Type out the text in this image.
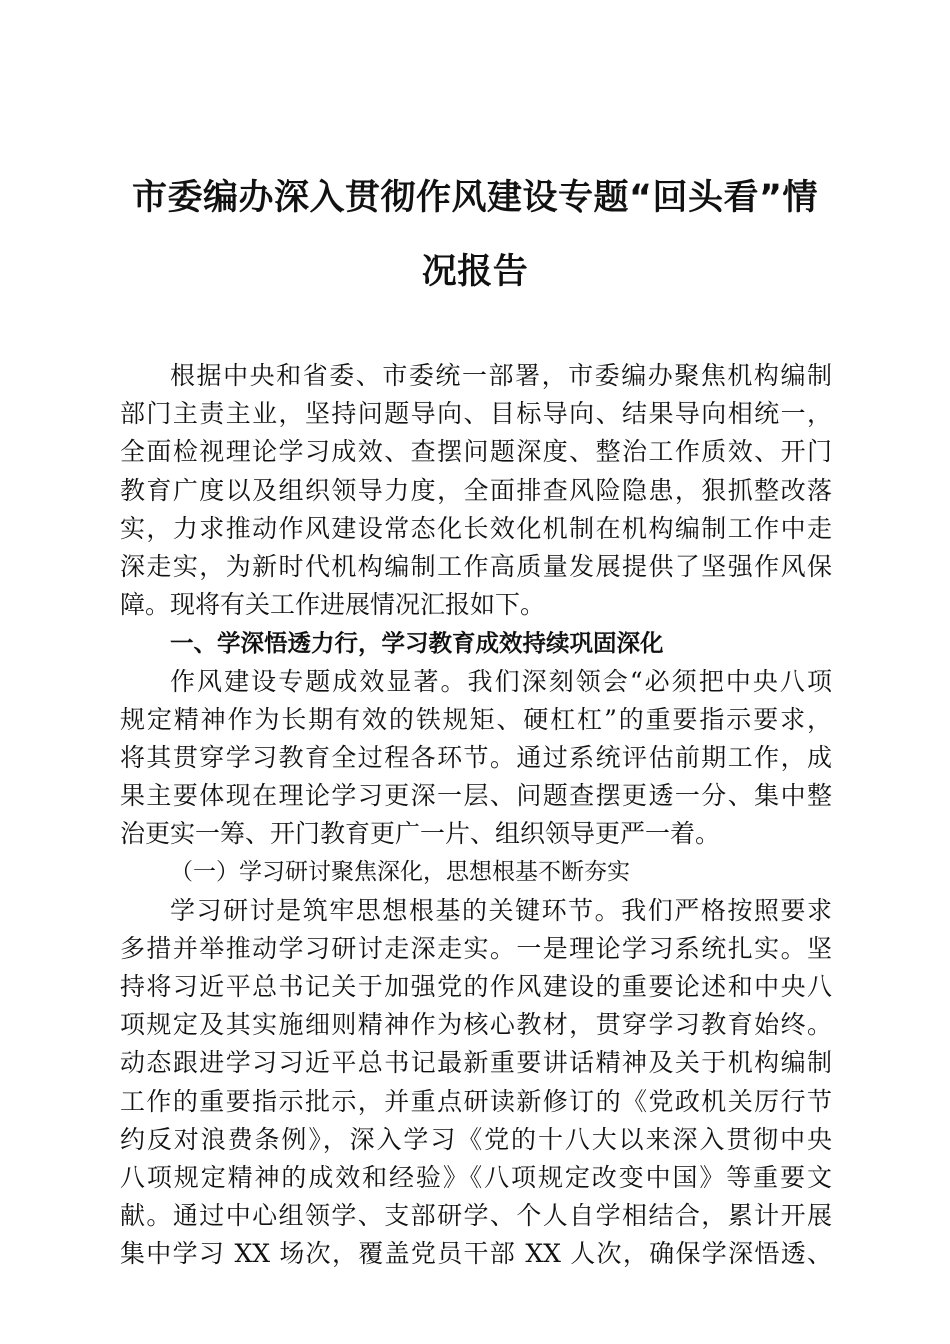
市委编办深入贯彻作风建设专题“回头看”情
况报告
根据中央和省委、市委统一部署，市委编办聚焦机构编制
部门主责主业，坚持问题导向、目标导向、结果导向相统一，
全面检视理论学习成效、查摆问题深度、整治工作质效、开门
教育广度以及组织领导力度，全面排查风险隐患，狠抓整改落
实，力求推动作风建设常态化长效化机制在机构编制工作中走
深走实，为新时代机构编制工作高质量发展提供了坚强作风保
障。现将有关工作进展情况汇报如下。
一、学深悟透力行，学习教育成效持续巩固深化
作风建设专题成效显著。我们深刻领会“必须把中央八项
规定精神作为长期有效的铁规矩、硬杠杠”的重要指示要求，
将其贯穿学习教育全过程各环节。通过系统评估前期工作，成
果主要体现在理论学习更深一层、问题查摆更透一分、集中整
治更实一筹、开门教育更广一片、组织领导更严一着。
（一）学习研讨聚焦深化，思想根基不断夯实
学习研讨是筑牢思想根基的关键环节。我们严格按照要求
多措并举推动学习研讨走深走实。一是理论学习系统扎实。坚
持将习近平总书记关于加强党的作风建设的重要论述和中央八
项规定及其实施细则精神作为核心教材，贯穿学习教育始终。
动态跟进学习习近平总书记最新重要讲话精神及关于机构编制
工作的重要指示批示，并重点研读新修订的《党政机关厉行节
约反对浪费条例》，深入学习《党的十八大以来深入贯彻中央
八项规定精神的成效和经验》《八项规定改变中国》等重要文
献。通过中心组领学、支部研学、个人自学相结合，累计开展
集中学习 XX 场次，覆盖党员干部 XX 人次，确保学深悟透、
